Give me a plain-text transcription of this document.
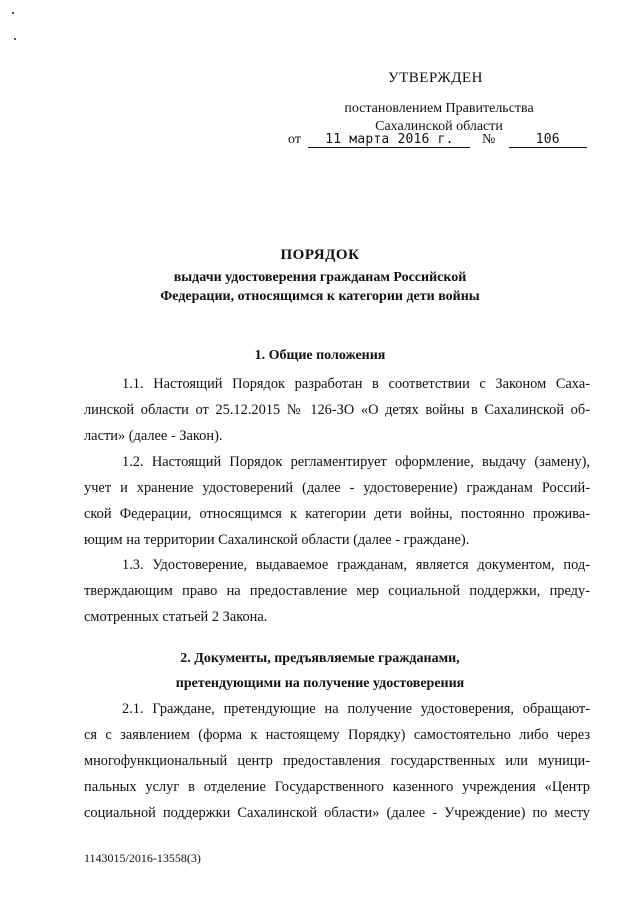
УТВЕРЖДЕН
постановлением Правительства
Сахалинской области
от 11 марта 2016 г. №	106
ПОРЯДОК
выдачи удостоверения гражданам Российской
Федерации, относящимся к категории дети войны
1. Общие положения
1.1. Настоящий Порядок разработан в соответствии с Законом Саха-
линской области от 25.12.2015 № 126-ЗО «О детях войны в Сахалинской об-
ласти» (далее - Закон).
1.2. Настоящий Порядок регламентирует оформление, выдачу (замену),
учет и хранение удостоверений (далее - удостоверение) гражданам Россий-
ской Федерации, относящимся к категории дети войны, постоянно прожива-
ющим на территории Сахалинской области (далее - граждане).
1.3. Удостоверение, выдаваемое гражданам, является документом, под-
тверждающим право на предоставление мер социальной поддержки, преду-
смотренных статьей 2 Закона.
2. Документы, предъявляемые гражданами,
претендующими на получение удостоверения
2.1. Граждане, претендующие на получение удостоверения, обращают-
ся с заявлением (форма к настоящему Порядку) самостоятельно либо через
многофункциональный центр предоставления государственных или муници-
пальных услуг в отделение Государственного казенного учреждения «Центр
социальной поддержки Сахалинской области» (далее - Учреждение) по месту
1143015/2016-13558(3)
